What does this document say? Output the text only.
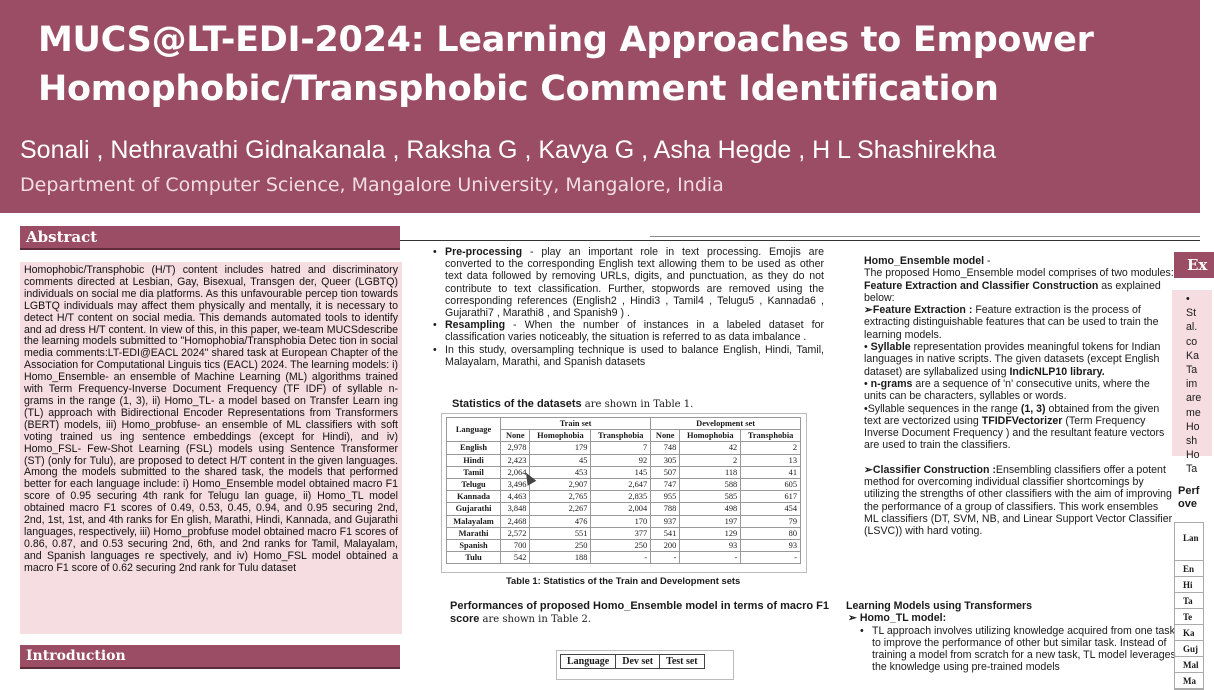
MUCS@LT-EDI-2024: Learning Approaches to Empower
Homophobic/Transphobic Comment Identification
Sonali , Nethravathi Gidnakanala , Raksha G , Kavya G , Asha Hegde , H L Shashirekha
Department of Computer Science, Mangalore University, Mangalore, India
Abstract

Homophobic/Transphobic (H/T) content includes hatred and discriminatory comments directed at Lesbian, Gay, Bisexual, Transgen der, Queer (LGBTQ) individuals on social me dia platforms. As this unfavourable percep tion towards LGBTQ individuals may affect them physically and mentally, it is necessary to detect H/T content on social media. This demands automated tools to identify and ad dress H/T content. In view of this, in this paper, we-team MUCSdescribe the learning models submitted to "Homophobia/Transphobia Detec tion in social media comments:LT-EDI@EACL 2024" shared task at European Chapter of the Association for Computational Linguis tics (EACL) 2024. The learning models: i) Homo_Ensemble- an ensemble of Machine Learning (ML) algorithms trained with Term Frequency-Inverse Document Frequency (TF IDF) of syllable n-grams in the range (1, 3), ii) Homo_TL- a model based on Transfer Learn ing (TL) approach with Bidirectional Encoder Representations from Transformers (BERT) models, iii) Homo_probfuse- an ensemble of ML classifiers with soft voting trained us ing sentence embeddings (except for Hindi), and iv) Homo_FSL- Few-Shot Learning (FSL) models using Sentence Transformer (ST) (only for Tulu), are proposed to detect H/T content in the given languages. Among the models submitted to the shared task, the models that performed better for each language include: i) Homo_Ensemble model obtained macro F1 score of 0.95 securing 4th rank for Telugu lan guage, ii) Homo_TL model obtained macro F1 scores of 0.49, 0.53, 0.45, 0.94, and 0.95 securing 2nd, 2nd, 1st, 1st, and 4th ranks for En glish, Marathi, Hindi, Kannada, and Gujarathi languages, respectively, iii) Homo_probfuse model obtained macro F1 scores of 0.86, 0.87, and 0.53 securing 2nd, 6th, and 2nd ranks for Tamil, Malayalam, and Spanish languages re spectively, and iv) Homo_FSL model obtained a macro F1 score of 0.62 securing 2nd rank for Tulu dataset

Introduction
• Pre-processing - play an important role in text processing. Emojis are converted to the corresponding English text allowing them to be used as other text data followed by removing URLs, digits, and punctuation, as they do not contribute to text classification. Further, stopwords are removed using the corresponding references (English2 , Hindi3 , Tamil4 , Telugu5 , Kannada6 , Gujarathi7 , Marathi8 , and Spanish9 ) .
• Resampling - When the number of instances in a labeled dataset for classification varies noticeably, the situation is referred to as data imbalance .
• In this study, oversampling technique is used to balance English, Hindi, Tamil, Malayalam, Marathi, and Spanish datasets
Statistics of the datasets are shown in Table 1.
Language	Train set			Development set		
	None	Homophobia	Transphobia	None	Homophobia	Transphobia
English	2,978	179	7	748	42	2
Hindi	2,423	45	92	305	2	13
Tamil	2,064	453	145	507	118	41
Telugu	3,496	2,907	2,647	747	588	605
Kannada	4,463	2,765	2,835	955	585	617
Gujarathi	3,848	2,267	2,004	788	498	454
Malayalam	2,468	476	170	937	197	79
Marathi	2,572	551	377	541	129	80
Spanish	700	250	250	200	93	93
Tulu	542	188	-	-	-	-
Table 1: Statistics of the Train and Development sets
Performances of proposed Homo_Ensemble model in terms of macro F1 score are shown in Table 2.
Language	Dev set	Test set

Homo_Ensemble model -

The proposed Homo_Ensemble model comprises of two modules: Feature Extraction and Classifier Construction as explained below:

➢Feature Extraction : Feature extraction is the process of extracting distinguishable features that can be used to train the learning models.

• Syllable representation provides meaningful tokens for Indian languages in native scripts. The given datasets (except English dataset) are syllabalized using IndicNLP10 library.

• n-grams are a sequence of 'n' consecutive units, where the units can be characters, syllables or words.

•Syllable sequences in the range (1, 3) obtained from the given text are vectorized using TFIDFVectorizer (Term Frequency Inverse Document Frequency ) and the resultant feature vectors are used to train the classifiers.

➢Classifier Construction :Ensembling classifiers offer a potent method for overcoming individual classifier shortcomings by utilizing the strengths of other classifiers with the aim of improving the performance of a group of classifiers. This work ensembles ML classifiers (DT, SVM, NB, and Linear Support Vector Classifier (LSVC)) with hard voting.

Learning Models using Transformers

➢ Homo_TL model:

• TL approach involves utilizing knowledge acquired from one task to improve the performance of other but similar task. Instead of training a model from scratch for a new task, TL model leverages the knowledge using pre-trained models
Ex
• St
al.
co
Ka
Ta
im
are
me
Ho
sh
Ho
Ta
Perf
ove
Lan
En
Hi
Ta
Te
Ka
Guj
Mal
Ma
